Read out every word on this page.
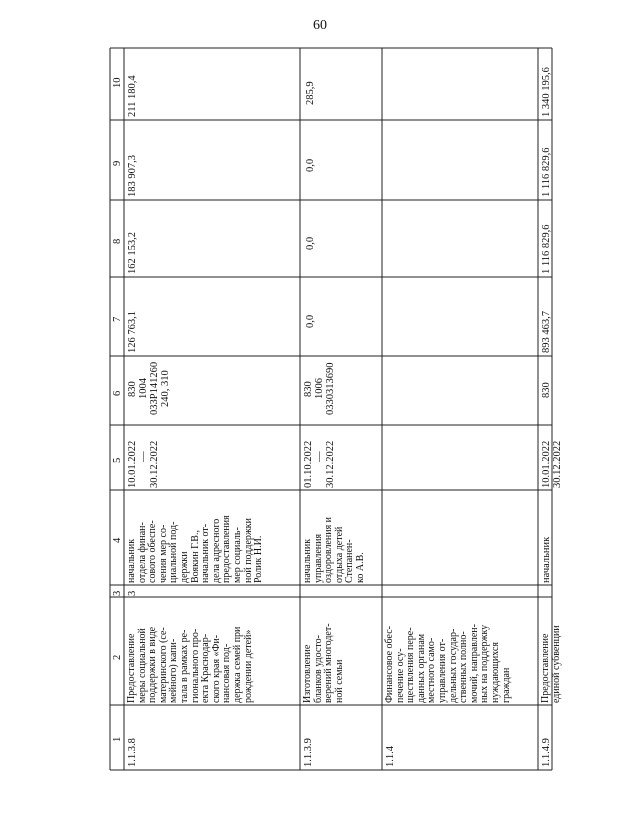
60
1
2
3
4
5
6
7
8
9
10
1.1.3.8
Предоставление меры социальной поддержки в виде материнского (се- мейного) капи- тала в рамках ре- гионального про- екта Краснодар- ского края «Фи- нансовая под- держка семей при рождении детей»
3
начальник отдела финан- сового обеспе- чения мер со- циальной под- держки Воякин Г.В., начальник от- дела адресного предоставления мер социаль- ной поддержки Ролик Н.И.
10.01.2022 — 30.12.2022
830 1004 033P141260 240, 310
126 763,1
162 153,2
183 907,3
211 180,4
1.1.3.9
Изготовление бланков удосто- верений многодет- ной семьи
начальник управления оздоровления и отдыха детей Степанен- ко А.В.
01.10.2022 — 30.12.2022
830 1006 0330313690
0,0
0,0
0,0
285,9
1.1.4
Финансовое обес- печение осу- ществления пере- данных органам местного само- управления от- дельных государ- ственных полно- мочий, направлен- ных на поддержку нуждающихся граждан
1.1.4.9
Предоставление единой субвенции
начальник
10.01.2022 30.12.2022
830
893 463,7
1 116 829,6
1 116 829,6
1 340 195,6
